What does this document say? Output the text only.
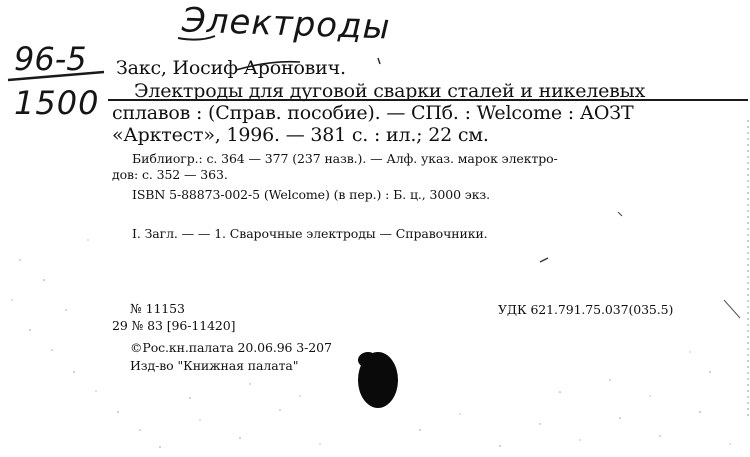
Электроды
96-5
1500
Закс, Иосиф Аронович.
Электроды для дуговой сварки сталей и никелевых
сплавов : (Справ. пособие). — СПб. : Welcome : АОЗТ
«Арктест», 1996. — 381 с. : ил.; 22 см.
Библиогр.: с. 364 — 377 (237 назв.). — Алф. указ. марок электро-
дов: с. 352 — 363.
ISBN 5-88873-002-5 (Welcome) (в пер.) : Б. ц., 3000 экз.
I. Загл. — — 1. Сварочные электроды — Справочники.
№ 11153
29 № 83 [96-11420]
©Рос.кн.палата 20.06.96 3-207
Изд-во "Книжная палата"
УДК 621.791.75.037(035.5)
